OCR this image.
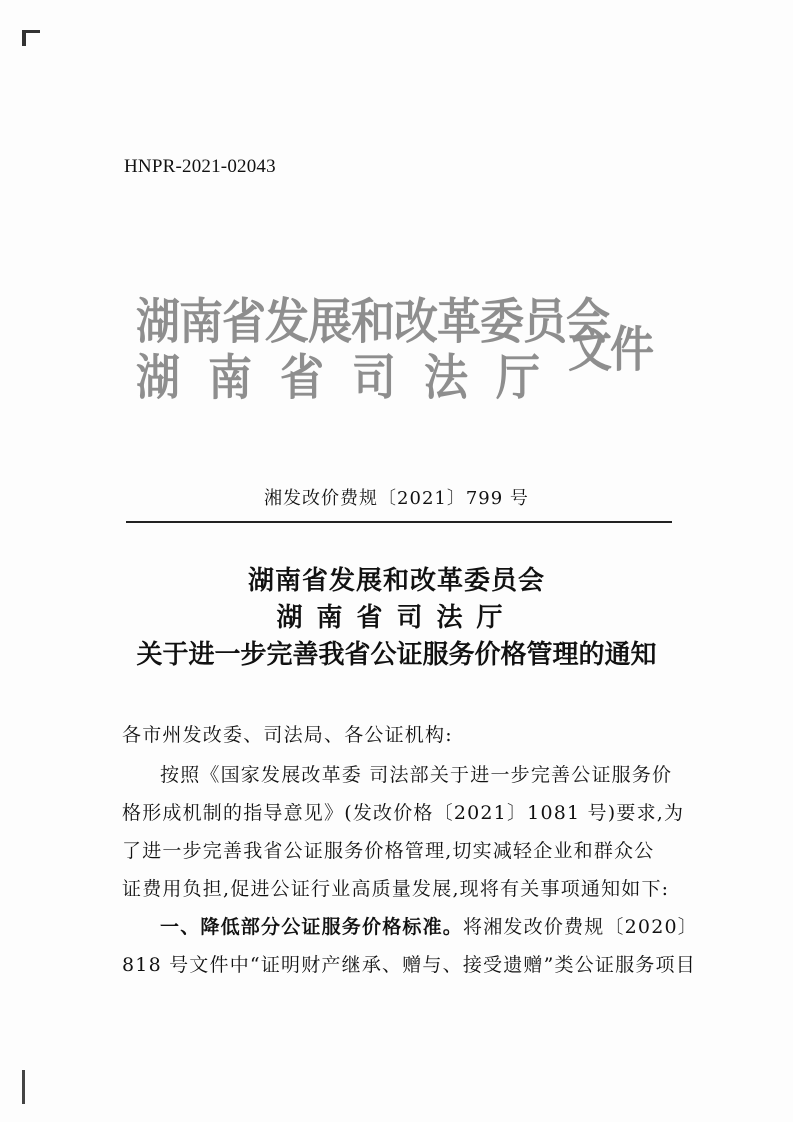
HNPR-2021-02043
湖南省发展和改革委员会
湖南省司法厅 文件
湘发改价费规〔2021〕799 号
湖南省发展和改革委员会
湖南省司法厅
关于进一步完善我省公证服务价格管理的通知
各市州发改委、司法局、各公证机构:
按照《国家发展改革委 司法部关于进一步完善公证服务价
格形成机制的指导意见》(发改价格〔2021〕1081 号)要求,为
了进一步完善我省公证服务价格管理,切实减轻企业和群众公
证费用负担,促进公证行业高质量发展,现将有关事项通知如下:
一、降低部分公证服务价格标准。将湘发改价费规〔2020〕
818 号文件中“证明财产继承、赠与、接受遗赠”类公证服务项目
